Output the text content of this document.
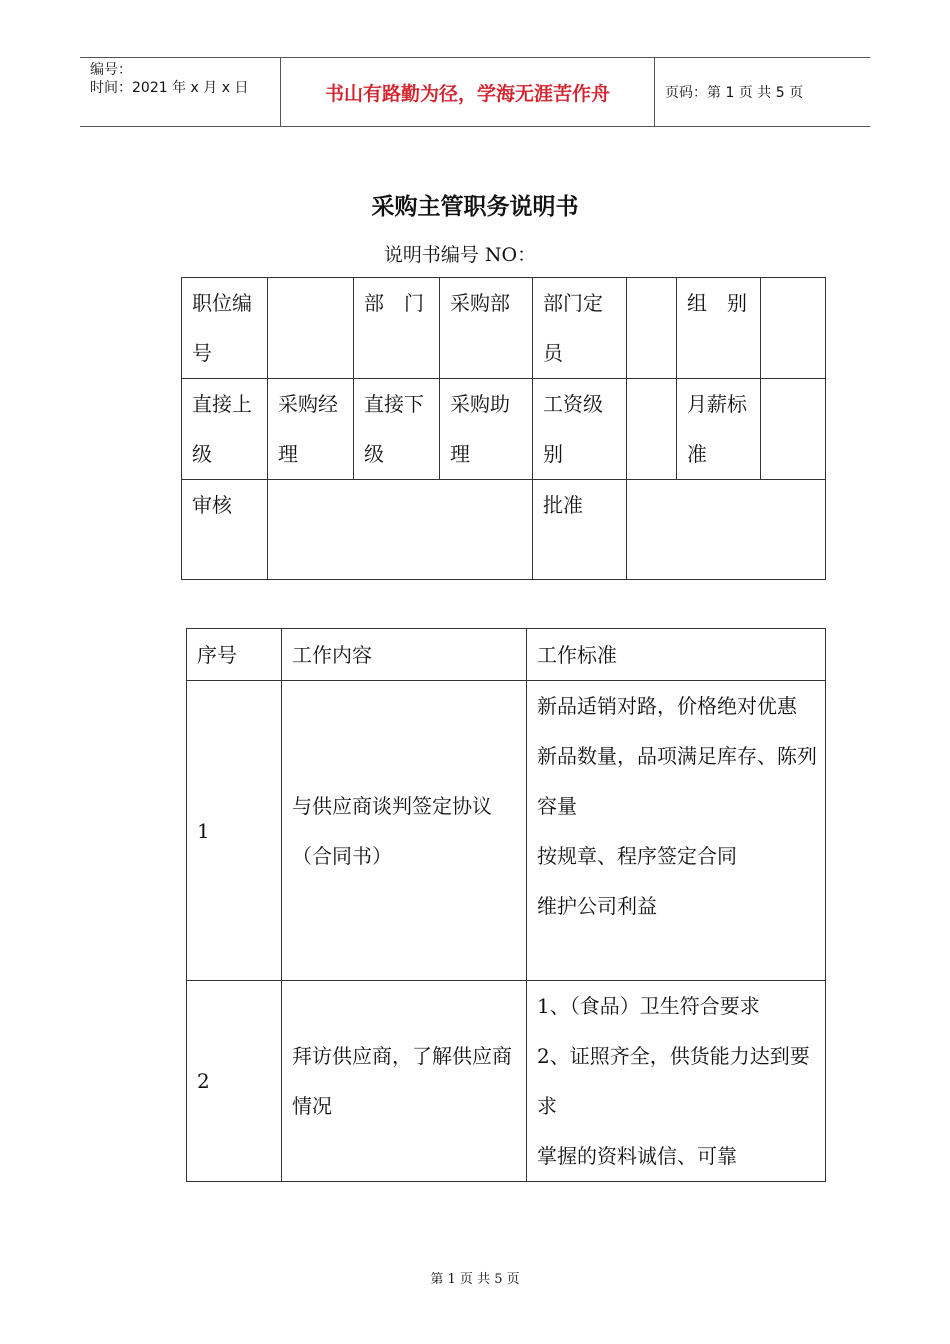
编号：
时间：2021 年 x 月 x 日	书山有路勤为径，学海无涯苦作舟	页码：第 1 页 共 5 页
采购主管职务说明书
说明书编号 NO：
职位编号		部　门	采购部	部门定员		组　别	
直接上级	采购经理	直接下级	采购助理	工资级别		月薪标准	
审核				批准			
序号	工作内容	工作标准
1	与供应商谈判签定协议（合同书）	新品适销对路，价格绝对优惠
新品数量，品项满足库存、陈列容量
按规章、程序签定合同
维护公司利益

2	拜访供应商，了解供应商情况	1、（食品）卫生符合要求
2、证照齐全，供货能力达到要求
掌握的资料诚信、可靠
第 1 页 共 5 页
